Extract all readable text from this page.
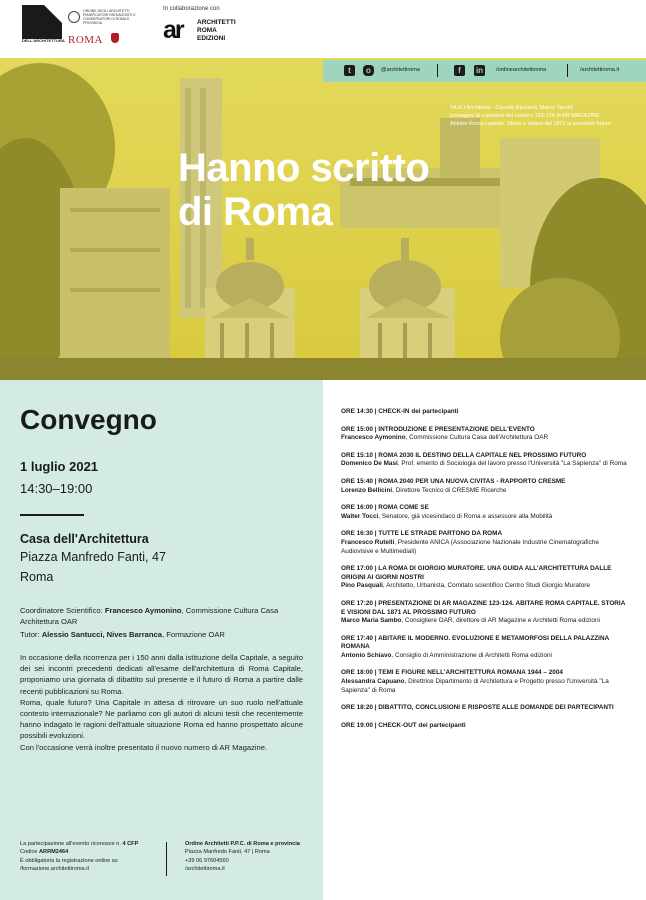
CASA
DELL'ARCHITETTURA
ORDINE DEGLI ARCHITETTI PIANIFICATORI PAESAGGISTI E CONSERVATORI DI ROMA E PROVINCIA
ROMA
In collaborazione con
ar ARCHITETTI
ROMA
EDIZIONI
t	o	@architettiroma	f	in	/ordinearchitettiroma	/architettiroma.it
TA.R.I Architects - Claudia Ricciardi, Marco Tanzilli
Immagine di copertina del numero 123-124 di AR MAGAZINE
Abitare Roma capitale. Storie e visioni dal 1871 al prossimo futuro
Hanno scritto
di Roma
Convegno
1 luglio 2021
14:30–19:00
Casa dell'Architettura
Piazza Manfredo Fanti, 47
Roma
Coordinatore Scientifico: Francesco Aymonino, Commissione Cultura Casa Architettura OAR
Tutor: Alessio Santucci, Nives Barranca, Formazione OAR
In occasione della ricorrenza per i 150 anni dalla istituzione della Capitale, a seguito dei sei incontri precedenti dedicati all'esame dell'architettura di Roma Capitale, proponiamo una giornata di dibattito sul presente e il futuro di Roma a partire dalle recenti pubblicazioni su Roma.
Roma, quale futuro? Una Capitale in attesa di ritrovare un suo ruolo nell'attuale contesto internazionale? Ne parliamo con gli autori di alcuni testi che recentemente hanno indagato le ragioni dell'attuale situazione Roma ed hanno prospettato alcune possibili evoluzioni.
Con l'occasione verrà inoltre presentato il nuovo numero di AR Magazine.
La partecipazione all'evento riconosce n. 4 CFP
Codice ARRM2464
È obbligatoria la registrazione online su
/formazione.architettiroma.it
Ordine Architetti P.P.C. di Roma e provincia
Piazza Manfredo Fanti, 47 | Roma
+39 06 97604560
/architettiroma.it
ORE 14:30 | CHECK-IN dei partecipanti
ORE 15:00 | INTRODUZIONE E PRESENTAZIONE DELL'EVENTO
Francesco Aymonino, Commissione Cultura Casa dell'Architettura OAR
ORE 15:10 | ROMA 2030 IL DESTINO DELLA CAPITALE NEL PROSSIMO FUTURO
Domenico De Masi, Prof. emerito di Sociologia del lavoro presso l'Università "La Sapienza" di Roma
ORE 15:40 | ROMA 2040 PER UNA NUOVA CIVITAS - RAPPORTO CRESME
Lorenzo Bellicini, Direttore Tecnico di CRESME Ricerche
ORE 16:00 | ROMA COME SE
Walter Tocci, Senatore, già vicesindaco di Roma e assessore alla Mobilità
ORE 16:30 | TUTTE LE STRADE PARTONO DA ROMA
Francesco Rutelli, Presidente ANICA (Associazione Nazionale Industrie Cinematografiche Audiovisive e Multimediali)
ORE 17:00 | LA ROMA DI GIORGIO MURATORE. UNA GUIDA ALL'ARCHITETTURA DALLE ORIGINI AI GIORNI NOSTRI
Pino Pasquali, Architetto, Urbanista, Comitato scientifico Centro Studi Giorgio Muratore
ORE 17:20 | PRESENTAZIONE DI AR MAGAZINE 123-124. ABITARE ROMA CAPITALE. STORIA E VISIONI DAL 1871 AL PROSSIMO FUTURO
Marco Maria Sambo, Consigliere OAR, direttore di AR Magazine e Architetti Roma edizioni
ORE 17:40 | ABITARE IL MODERNO. EVOLUZIONE E METAMORFOSI DELLA PALAZZINA ROMANA
Antonio Schiavo, Consiglio di Amministrazione di Architetti Roma edizioni
ORE 18:00 | TEMI E FIGURE NELL'ARCHITETTURA ROMANA 1944 – 2004
Alessandra Capuano, Direttrice Dipartimento di Architettura e Progetto presso l'Università "La Sapienza" di Roma
ORE 18:20 | DIBATTITO, CONCLUSIONI E RISPOSTE ALLE DOMANDE DEI PARTECIPANTI
ORE 19:00 | CHECK-OUT dei partecipanti
